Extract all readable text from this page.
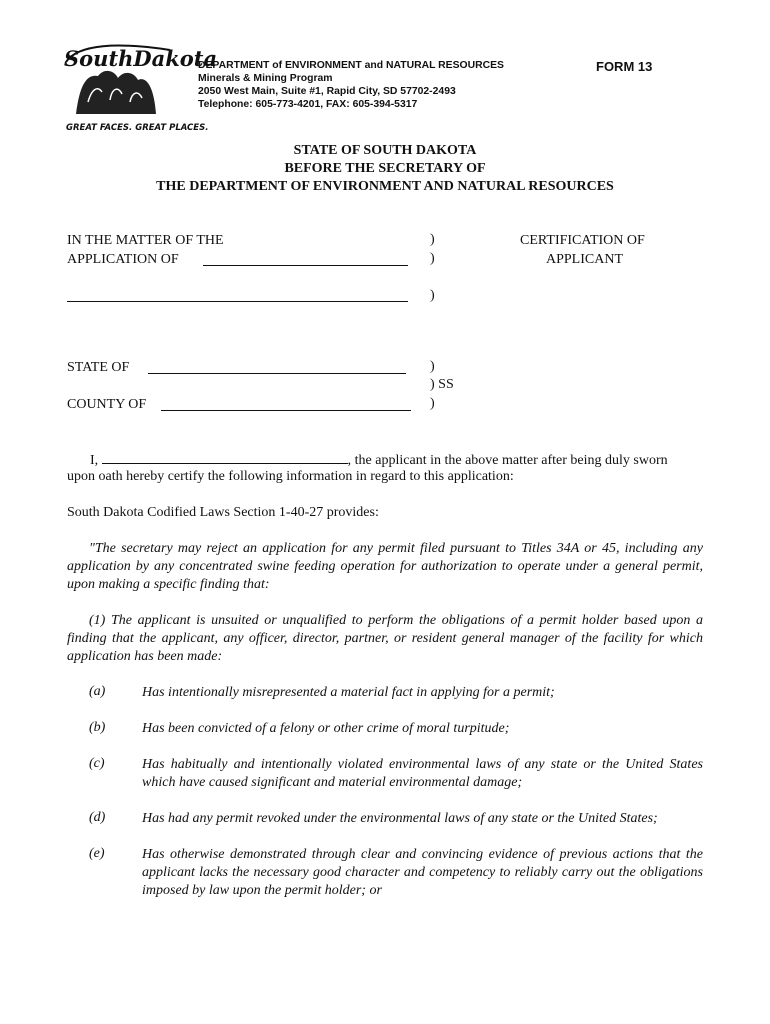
SouthDakota
GREAT FACES. GREAT PLACES.
DEPARTMENT of ENVIRONMENT and NATURAL RESOURCES
Minerals & Mining Program
2050 West Main, Suite #1, Rapid City, SD 57702-2493
Telephone: 605-773-4201, FAX: 605-394-5317
FORM 13
STATE OF SOUTH DAKOTA
BEFORE THE SECRETARY OF
THE DEPARTMENT OF ENVIRONMENT AND NATURAL RESOURCES
IN THE MATTER OF THE
APPLICATION OF
)
)
)
CERTIFICATION OF
APPLICANT
STATE OF	)
) SS
COUNTY OF	)
I,	, the applicant in the above matter after being duly sworn
upon oath hereby certify the following information in regard to this application:
South Dakota Codified Laws Section 1-40-27 provides:
"The secretary may reject an application for any permit filed pursuant to Titles 34A or 45, including any application by any concentrated swine feeding operation for authorization to operate under a general permit, upon making a specific finding that:
(1) The applicant is unsuited or unqualified to perform the obligations of a permit holder based upon a finding that the applicant, any officer, director, partner, or resident general manager of the facility for which application has been made:
(a)	Has intentionally misrepresented a material fact in applying for a permit;
(b)	Has been convicted of a felony or other crime of moral turpitude;
(c)	Has habitually and intentionally violated environmental laws of any state or the United States which have caused significant and material environmental damage;
(d)	Has had any permit revoked under the environmental laws of any state or the United States;
(e)	Has otherwise demonstrated through clear and convincing evidence of previous actions that the applicant lacks the necessary good character and competency to reliably carry out the obligations imposed by law upon the permit holder; or
